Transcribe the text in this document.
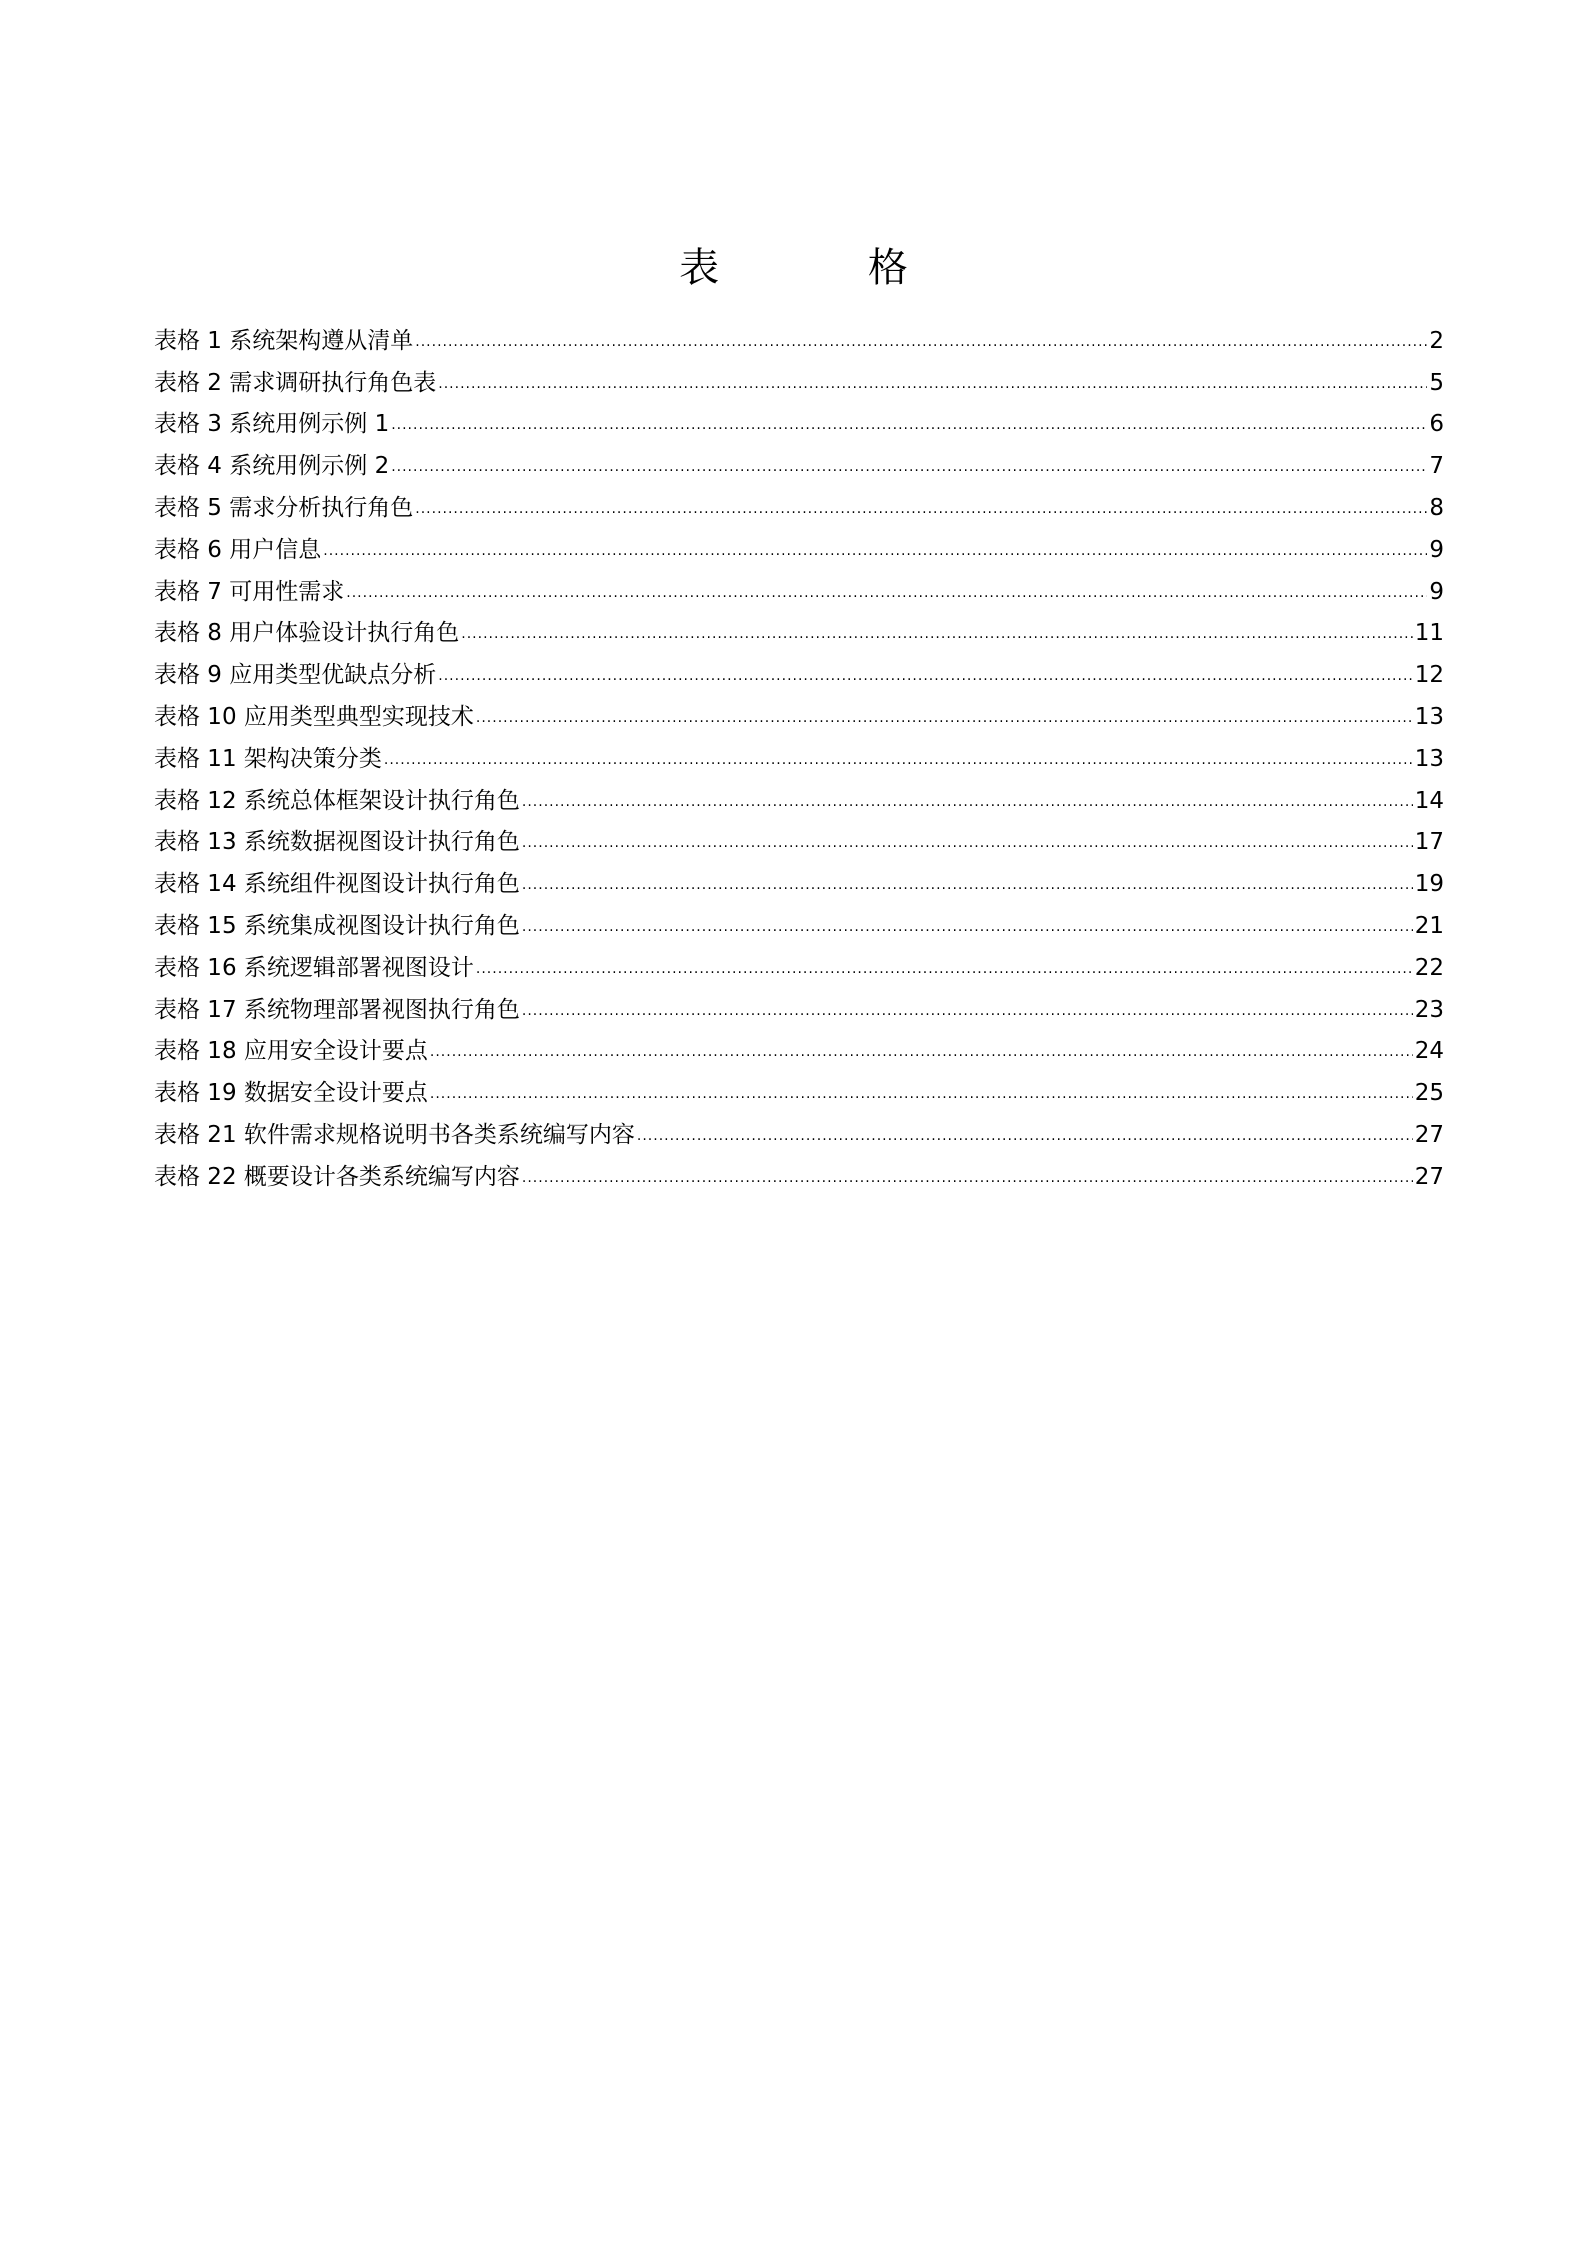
表 格
表格 1 系统架构遵从清单 .....	2
表格 2 需求调研执行角色表 .....	5
表格 3 系统用例示例 1 .....	6
表格 4 系统用例示例 2 .....	7
表格 5 需求分析执行角色 .....	8
表格 6 用户信息 .....	9
表格 7 可用性需求 .....	9
表格 8 用户体验设计执行角色 .....	11
表格 9 应用类型优缺点分析 .....	12
表格 10 应用类型典型实现技术 .....	13
表格 11 架构决策分类 .....	13
表格 12 系统总体框架设计执行角色 .....	14
表格 13 系统数据视图设计执行角色 .....	17
表格 14 系统组件视图设计执行角色 .....	19
表格 15 系统集成视图设计执行角色 .....	21
表格 16 系统逻辑部署视图设计 .....	22
表格 17 系统物理部署视图执行角色 .....	23
表格 18 应用安全设计要点 .....	24
表格 19 数据安全设计要点 .....	25
表格 21 软件需求规格说明书各类系统编写内容 .....	27
表格 22 概要设计各类系统编写内容 .....	27
